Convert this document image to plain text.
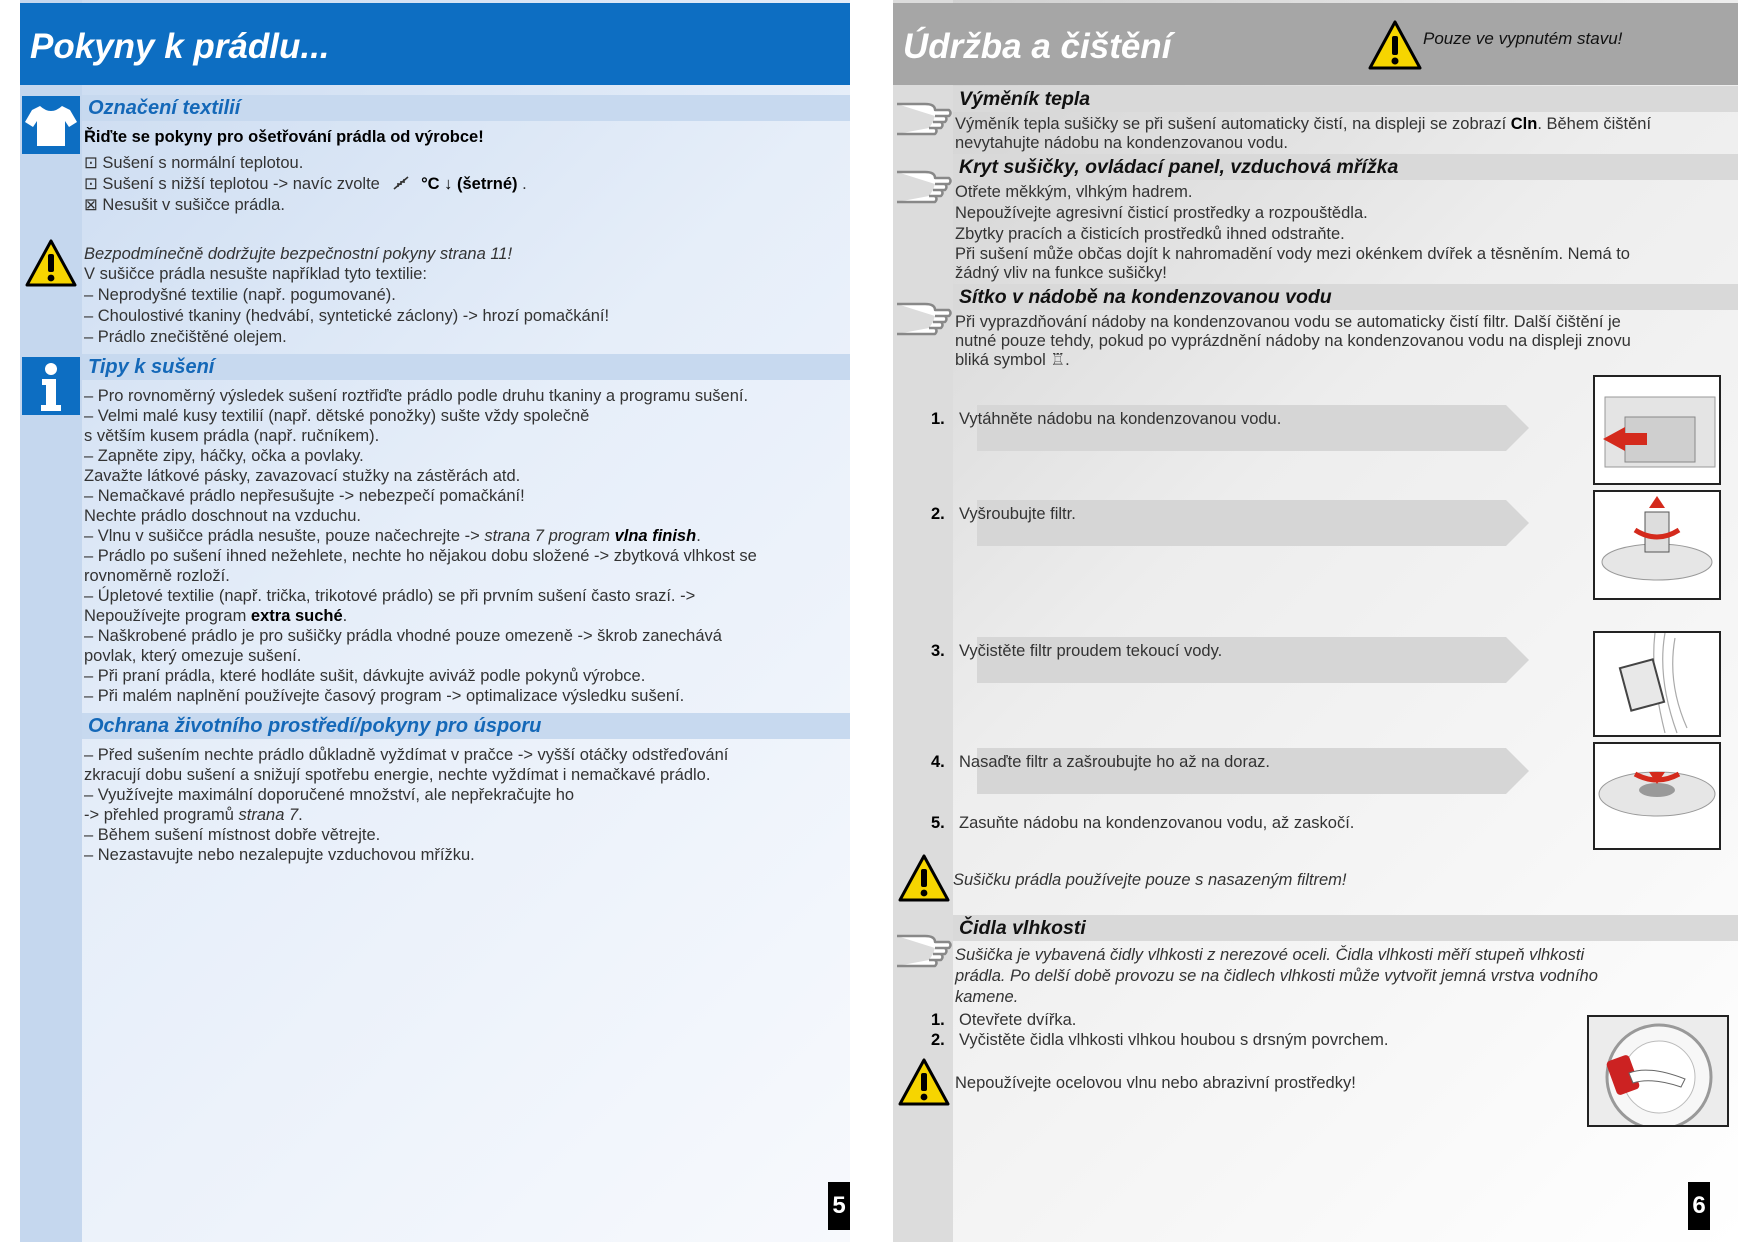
Pokyny k prádlu...
Označení textilií
Řiďte se pokyny pro ošetřování prádla od výrobce!
⊡ Sušení s normální teplotou.
⊡ Sušení s nižší teplotou -> navíc zvolte °C ↓ (šetrné) .
⊠ Nesušit v sušičce prádla.
Bezpodmínečně dodržujte bezpečnostní pokyny strana 11!
V sušičce prádla nesušte například tyto textilie:
– Neprodyšné textilie (např. pogumované).
– Choulostivé tkaniny (hedvábí, syntetické záclony) -> hrozí pomačkání!
– Prádlo znečištěné olejem.
Tipy k sušení
– Pro rovnoměrný výsledek sušení roztřiďte prádlo podle druhu tkaniny a programu sušení.
– Velmi malé kusy textilií (např. dětské ponožky) sušte vždy společně
s větším kusem prádla (např. ručníkem).
– Zapněte zipy, háčky, očka a povlaky.
Zavažte látkové pásky, zavazovací stužky na zástěrách atd.
– Nemačkavé prádlo nepřesušujte -> nebezpečí pomačkání!
Nechte prádlo doschnout na vzduchu.
– Vlnu v sušičce prádla nesušte, pouze načechrejte -> strana 7 program vlna finish.
– Prádlo po sušení ihned nežehlete, nechte ho nějakou dobu složené -> zbytková vlhkost se
rovnoměrně rozloží.
– Úpletové textilie (např. trička, trikotové prádlo) se při prvním sušení často srazí. ->
Nepoužívejte program extra suché.
– Naškrobené prádlo je pro sušičky prádla vhodné pouze omezeně -> škrob zanechává
povlak, který omezuje sušení.
– Při praní prádla, které hodláte sušit, dávkujte aviváž podle pokynů výrobce.
– Při malém naplnění používejte časový program -> optimalizace výsledku sušení.
Ochrana životního prostředí/pokyny pro úsporu
– Před sušením nechte prádlo důkladně vyždímat v pračce -> vyšší otáčky odstřeďování
zkracují dobu sušení a snižují spotřebu energie, nechte vyždímat i nemačkavé prádlo.
– Využívejte maximální doporučené množství, ale nepřekračujte ho
-> přehled programů strana 7.
– Během sušení místnost dobře větrejte.
– Nezastavujte nebo nezalepujte vzduchovou mřížku.
5
Údržba a čištění	Pouze ve vypnutém stavu!
Výměník tepla
Výměník tepla sušičky se při sušení automaticky čistí, na displeji se zobrazí Cln. Během čištění
nevytahujte nádobu na kondenzovanou vodu.
Kryt sušičky, ovládací panel, vzduchová mřížka
Otřete měkkým, vlhkým hadrem.
Nepoužívejte agresivní čisticí prostředky a rozpouštědla.
Zbytky pracích a čisticích prostředků ihned odstraňte.
Při sušení může občas dojít k nahromadění vody mezi okénkem dvířek a těsněním. Nemá to
žádný vliv na funkce sušičky!
Sítko v nádobě na kondenzovanou vodu
Při vyprazdňování nádoby na kondenzovanou vodu se automaticky čistí filtr. Další čištění je
nutné pouze tehdy, pokud po vyprázdnění nádoby na kondenzovanou vodu na displeji znovu
bliká symbol ♖.
1. Vytáhněte nádobu na kondenzovanou vodu.
2. Vyšroubujte filtr.
3. Vyčistěte filtr proudem tekoucí vody.
4. Nasaďte filtr a zašroubujte ho až na doraz.
5. Zasuňte nádobu na kondenzovanou vodu, až zaskočí.
Sušičku prádla používejte pouze s nasazeným filtrem!
Čidla vlhkosti
Sušička je vybavená čidly vlhkosti z nerezové oceli. Čidla vlhkosti měří stupeň vlhkosti
prádla. Po delší době provozu se na čidlech vlhkosti může vytvořit jemná vrstva vodního
kamene.
1. Otevřete dvířka.
2. Vyčistěte čidla vlhkosti vlhkou houbou s drsným povrchem.
Nepoužívejte ocelovou vlnu nebo abrazivní prostředky!
6
